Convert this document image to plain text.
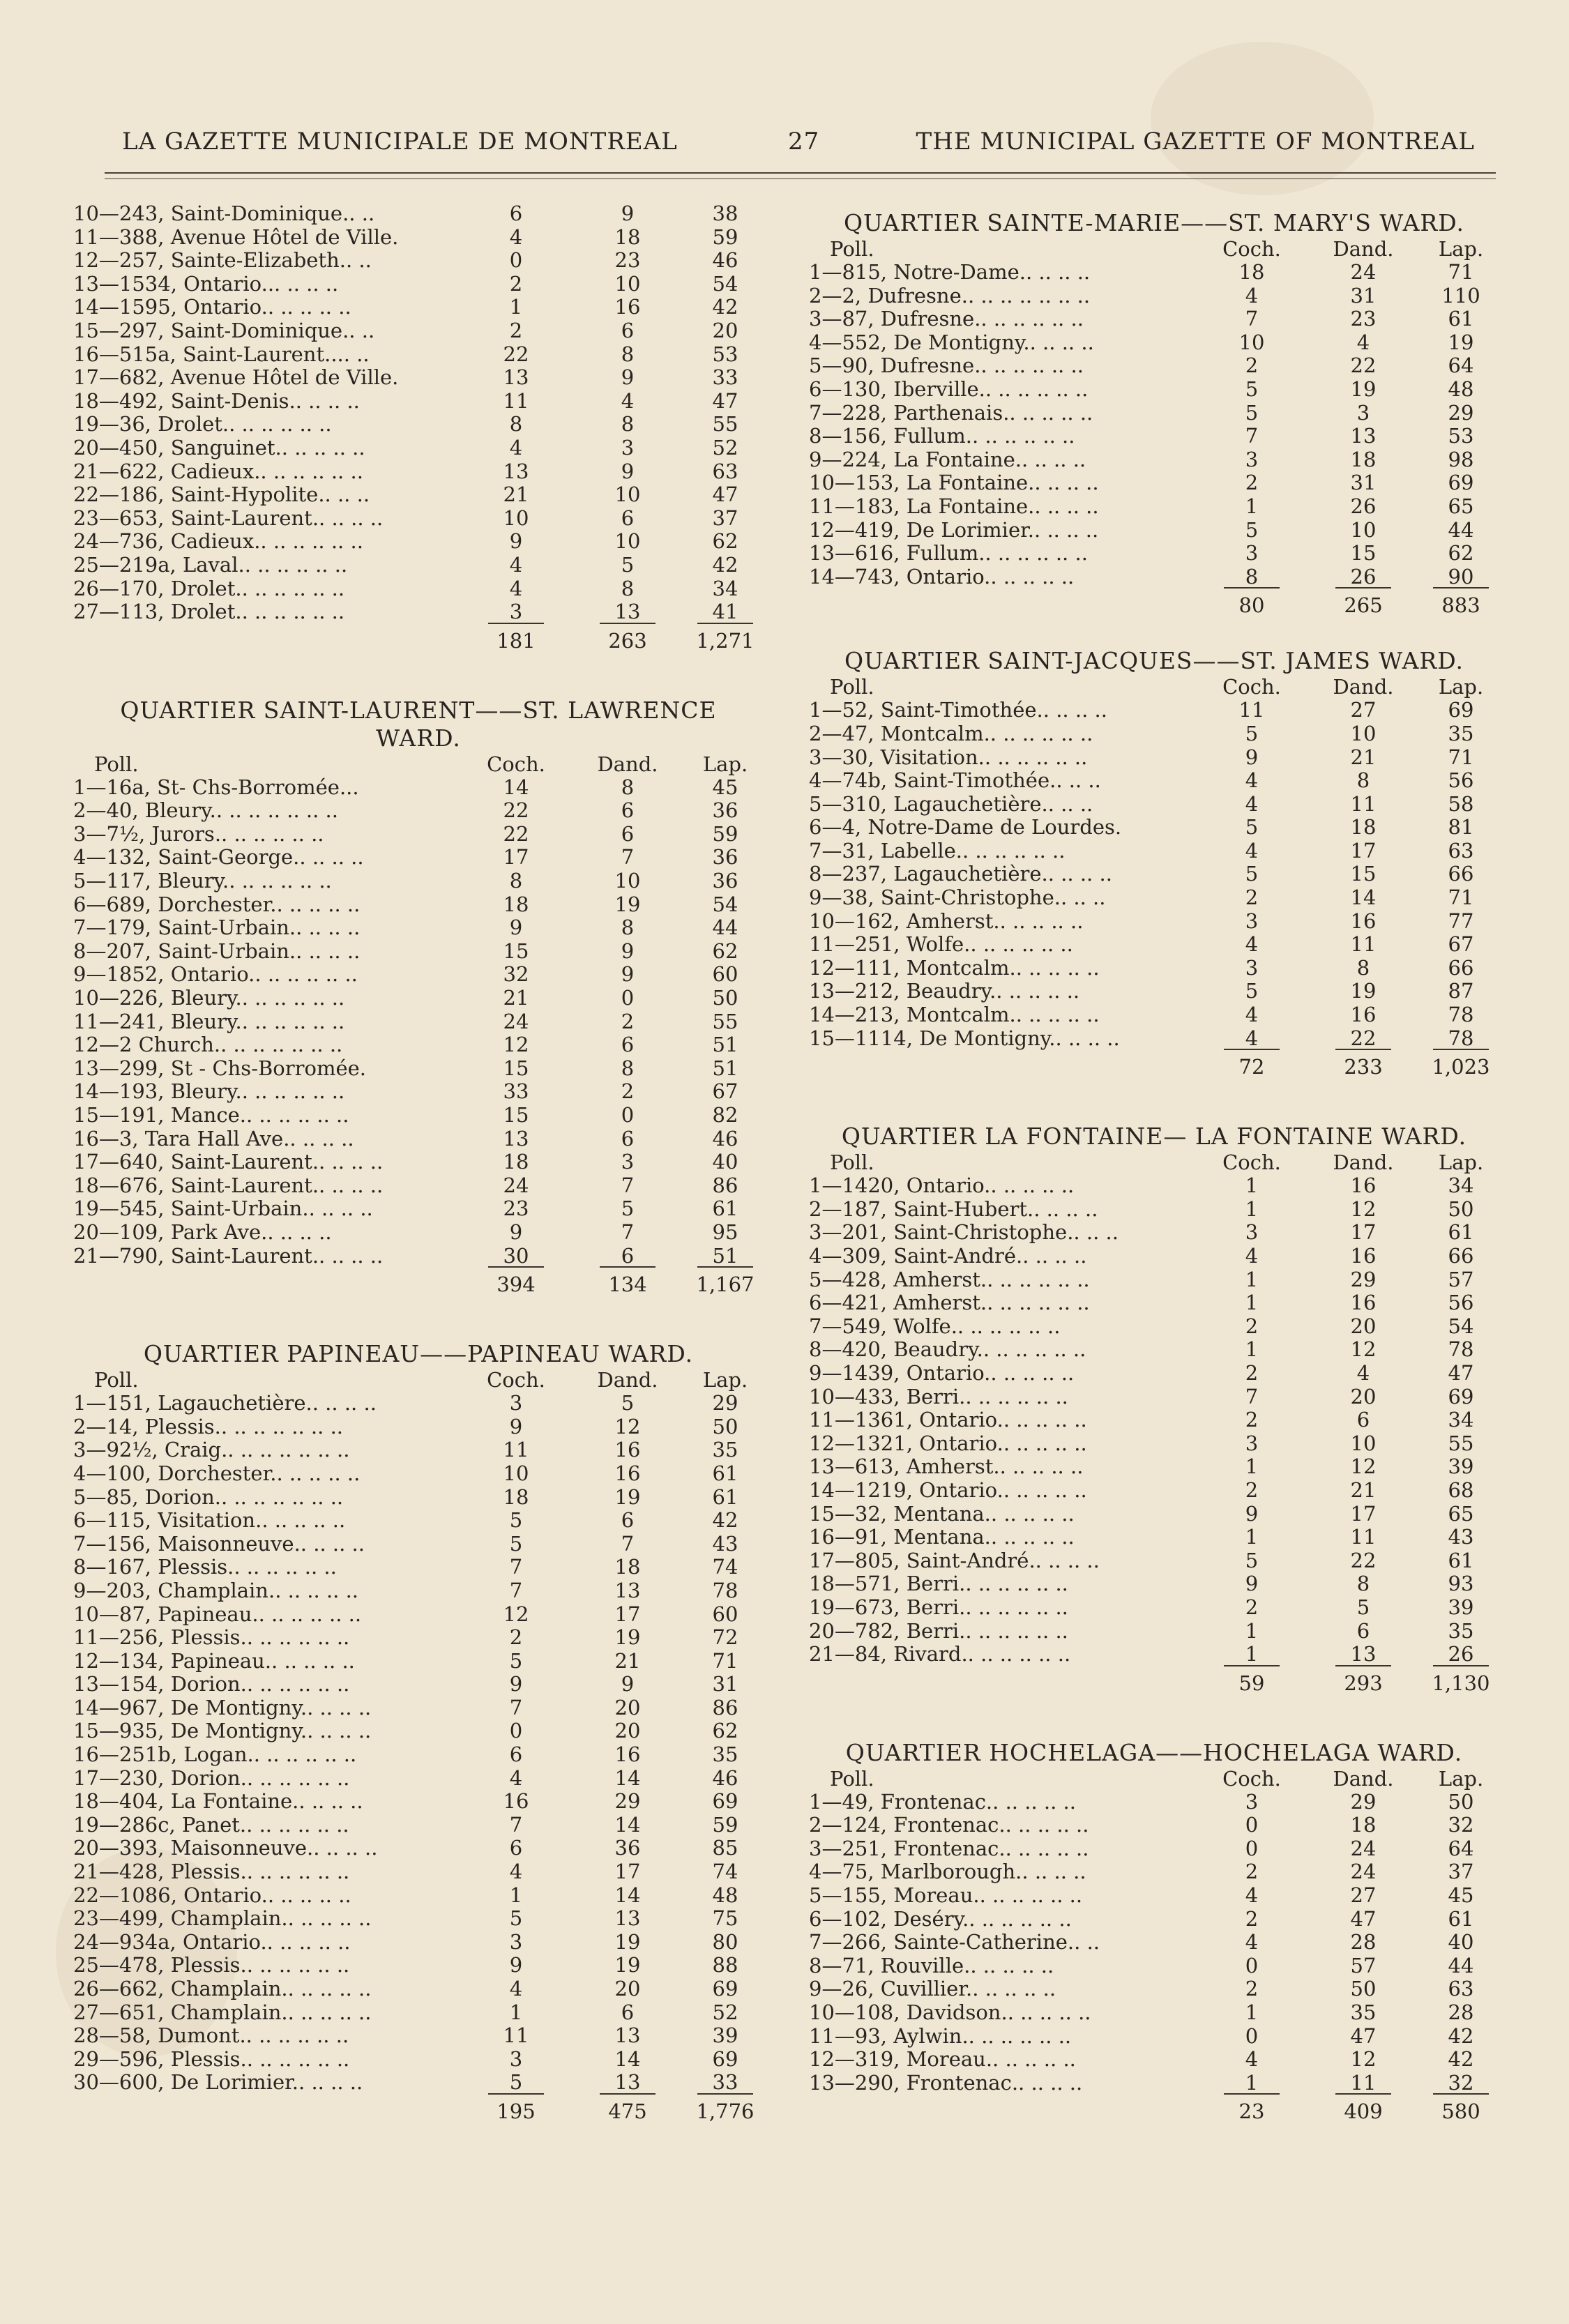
LA GAZETTE MUNICIPALE DE MONTREAL	27	THE MUNICIPAL GAZETTE OF MONTREAL
10—243, Saint-Dominique.. ..	6	9	38
11—388, Avenue Hôtel de Ville.	4	18	59
12—257, Sainte-Elizabeth.. ..	0	23	46
13—1534, Ontario... .. .. ..	2	10	54
14—1595, Ontario.. .. .. .. ..	1	16	42
15—297, Saint-Dominique.. ..	2	6	20
16—515a, Saint-Laurent.... ..	22	8	53
17—682, Avenue Hôtel de Ville.	13	9	33
18—492, Saint-Denis.. .. .. ..	11	4	47
19—36, Drolet.. .. .. .. .. ..	8	8	55
20—450, Sanguinet.. .. .. .. ..	4	3	52
21—622, Cadieux.. .. .. .. .. ..	13	9	63
22—186, Saint-Hypolite.. .. ..	21	10	47
23—653, Saint-Laurent.. .. .. ..	10	6	37
24—736, Cadieux.. .. .. .. .. ..	9	10	62
25—219a, Laval.. .. .. .. .. ..	4	5	42
26—170, Drolet.. .. .. .. .. ..	4	8	34
27—113, Drolet.. .. .. .. .. ..	3	13	41
181	263	1,271
QUARTIER SAINT-LAURENT——ST. LAWRENCE WARD.
Poll.	Coch.	Dand.	Lap.
1—16a, St- Chs-Borromée...	14	8	45
2—40, Bleury.. .. .. .. .. .. ..	22	6	36
3—7½, Jurors.. .. .. .. .. ..	22	6	59
4—132, Saint-George.. .. .. ..	17	7	36
5—117, Bleury.. .. .. .. .. ..	8	10	36
6—689, Dorchester.. .. .. .. ..	18	19	54
7—179, Saint-Urbain.. .. .. ..	9	8	44
8—207, Saint-Urbain.. .. .. ..	15	9	62
9—1852, Ontario.. .. .. .. .. ..	32	9	60
10—226, Bleury.. .. .. .. .. ..	21	0	50
11—241, Bleury.. .. .. .. .. ..	24	2	55
12—2 Church.. .. .. .. .. .. ..	12	6	51
13—299, St - Chs-Borromée.	15	8	51
14—193, Bleury.. .. .. .. .. ..	33	2	67
15—191, Mance.. .. .. .. .. ..	15	0	82
16—3, Tara Hall Ave.. .. .. ..	13	6	46
17—640, Saint-Laurent.. .. .. ..	18	3	40
18—676, Saint-Laurent.. .. .. ..	24	7	86
19—545, Saint-Urbain.. .. .. ..	23	5	61
20—109, Park Ave.. .. .. ..	9	7	95
21—790, Saint-Laurent.. .. .. ..	30	6	51
394	134	1,167
QUARTIER PAPINEAU——PAPINEAU WARD.
Poll.	Coch.	Dand.	Lap.
1—151, Lagauchetière.. .. .. ..	3	5	29
2—14, Plessis.. .. .. .. .. .. ..	9	12	50
3—92½, Craig.. .. .. .. .. .. ..	11	16	35
4—100, Dorchester.. .. .. .. ..	10	16	61
5—85, Dorion.. .. .. .. .. .. ..	18	19	61
6—115, Visitation.. .. .. .. ..	5	6	42
7—156, Maisonneuve.. .. .. ..	5	7	43
8—167, Plessis.. .. .. .. .. ..	7	18	74
9—203, Champlain.. .. .. .. ..	7	13	78
10—87, Papineau.. .. .. .. .. ..	12	17	60
11—256, Plessis.. .. .. .. .. ..	2	19	72
12—134, Papineau.. .. .. .. ..	5	21	71
13—154, Dorion.. .. .. .. .. ..	9	9	31
14—967, De Montigny.. .. .. ..	7	20	86
15—935, De Montigny.. .. .. ..	0	20	62
16—251b, Logan.. .. .. .. .. ..	6	16	35
17—230, Dorion.. .. .. .. .. ..	4	14	46
18—404, La Fontaine.. .. .. ..	16	29	69
19—286c, Panet.. .. .. .. .. ..	7	14	59
20—393, Maisonneuve.. .. .. ..	6	36	85
21—428, Plessis.. .. .. .. .. ..	4	17	74
22—1086, Ontario.. .. .. .. ..	1	14	48
23—499, Champlain.. .. .. .. ..	5	13	75
24—934a, Ontario.. .. .. .. ..	3	19	80
25—478, Plessis.. .. .. .. .. ..	9	19	88
26—662, Champlain.. .. .. .. ..	4	20	69
27—651, Champlain.. .. .. .. ..	1	6	52
28—58, Dumont.. .. .. .. .. ..	11	13	39
29—596, Plessis.. .. .. .. .. ..	3	14	69
30—600, De Lorimier.. .. .. ..	5	13	33
195	475	1,776
QUARTIER SAINTE-MARIE——ST. MARY'S WARD.
Poll.	Coch.	Dand.	Lap.
1—815, Notre-Dame.. .. .. ..	18	24	71
2—2, Dufresne.. .. .. .. .. .. ..	4	31	110
3—87, Dufresne.. .. .. .. .. ..	7	23	61
4—552, De Montigny.. .. .. ..	10	4	19
5—90, Dufresne.. .. .. .. .. ..	2	22	64
6—130, Iberville.. .. .. .. .. ..	5	19	48
7—228, Parthenais.. .. .. .. ..	5	3	29
8—156, Fullum.. .. .. .. .. ..	7	13	53
9—224, La Fontaine.. .. .. ..	3	18	98
10—153, La Fontaine.. .. .. ..	2	31	69
11—183, La Fontaine.. .. .. ..	1	26	65
12—419, De Lorimier.. .. .. ..	5	10	44
13—616, Fullum.. .. .. .. .. ..	3	15	62
14—743, Ontario.. .. .. .. ..	8	26	90
80	265	883
QUARTIER SAINT-JACQUES——ST. JAMES WARD.
Poll.	Coch.	Dand.	Lap.
1—52, Saint-Timothée.. .. .. ..	11	27	69
2—47, Montcalm.. .. .. .. .. ..	5	10	35
3—30, Visitation.. .. .. .. .. ..	9	21	71
4—74b, Saint-Timothée.. .. ..	4	8	56
5—310, Lagauchetière.. .. ..	4	11	58
6—4, Notre-Dame de Lourdes.	5	18	81
7—31, Labelle.. .. .. .. .. ..	4	17	63
8—237, Lagauchetière.. .. .. ..	5	15	66
9—38, Saint-Christophe.. .. ..	2	14	71
10—162, Amherst.. .. .. .. ..	3	16	77
11—251, Wolfe.. .. .. .. .. ..	4	11	67
12—111, Montcalm.. .. .. .. ..	3	8	66
13—212, Beaudry.. .. .. .. ..	5	19	87
14—213, Montcalm.. .. .. .. ..	4	16	78
15—1114, De Montigny.. .. .. ..	4	22	78
72	233	1,023
QUARTIER LA FONTAINE— LA FONTAINE WARD.
Poll.	Coch.	Dand.	Lap.
1—1420, Ontario.. .. .. .. ..	1	16	34
2—187, Saint-Hubert.. .. .. ..	1	12	50
3—201, Saint-Christophe.. .. ..	3	17	61
4—309, Saint-André.. .. .. ..	4	16	66
5—428, Amherst.. .. .. .. .. ..	1	29	57
6—421, Amherst.. .. .. .. .. ..	1	16	56
7—549, Wolfe.. .. .. .. .. ..	2	20	54
8—420, Beaudry.. .. .. .. .. ..	1	12	78
9—1439, Ontario.. .. .. .. ..	2	4	47
10—433, Berri.. .. .. .. .. ..	7	20	69
11—1361, Ontario.. .. .. .. ..	2	6	34
12—1321, Ontario.. .. .. .. ..	3	10	55
13—613, Amherst.. .. .. .. ..	1	12	39
14—1219, Ontario.. .. .. .. ..	2	21	68
15—32, Mentana.. .. .. .. ..	9	17	65
16—91, Mentana.. .. .. .. ..	1	11	43
17—805, Saint-André.. .. .. ..	5	22	61
18—571, Berri.. .. .. .. .. ..	9	8	93
19—673, Berri.. .. .. .. .. ..	2	5	39
20—782, Berri.. .. .. .. .. ..	1	6	35
21—84, Rivard.. .. .. .. .. ..	1	13	26
59	293	1,130
QUARTIER HOCHELAGA——HOCHELAGA WARD.
Poll.	Coch.	Dand.	Lap.
1—49, Frontenac.. .. .. .. ..	3	29	50
2—124, Frontenac.. .. .. .. ..	0	18	32
3—251, Frontenac.. .. .. .. ..	0	24	64
4—75, Marlborough.. .. .. ..	2	24	37
5—155, Moreau.. .. .. .. .. ..	4	27	45
6—102, Deséry.. .. .. .. .. ..	2	47	61
7—266, Sainte-Catherine.. ..	4	28	40
8—71, Rouville.. .. .. .. ..	0	57	44
9—26, Cuvillier.. .. .. .. ..	2	50	63
10—108, Davidson.. .. .. .. ..	1	35	28
11—93, Aylwin.. .. .. .. .. ..	0	47	42
12—319, Moreau.. .. .. .. ..	4	12	42
13—290, Frontenac.. .. .. ..	1	11	32
23	409	580
